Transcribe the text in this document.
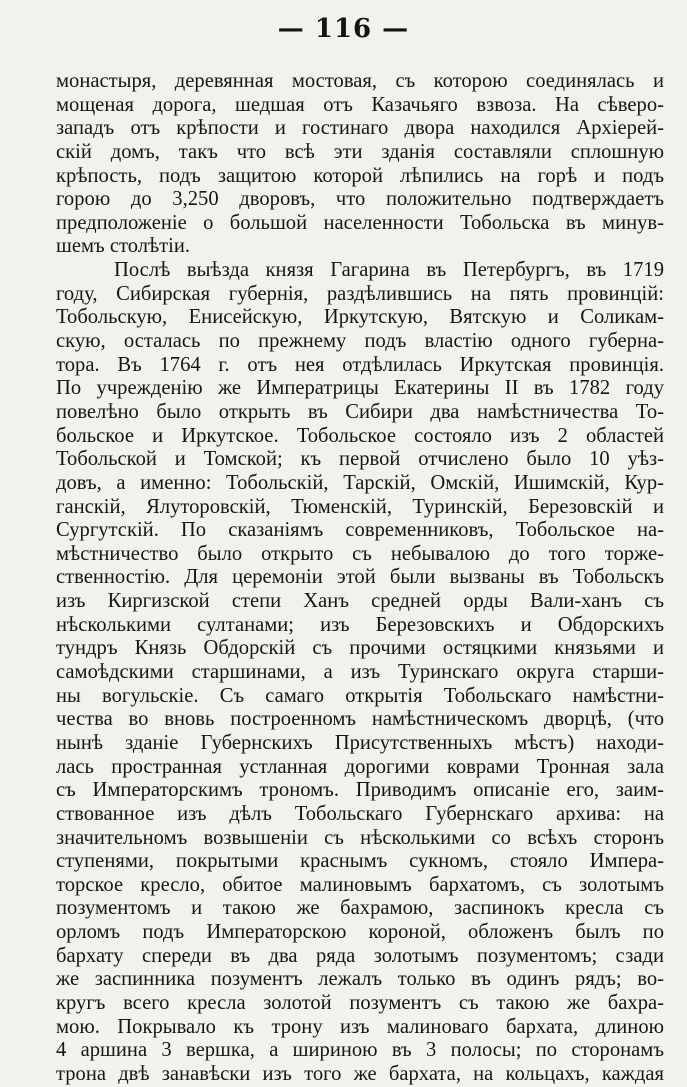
— 116 —
монастыря, деревянная мостовая, съ которою соединялась и
мощеная дорога, шедшая отъ Казачьяго взвоза. На сѣверо-
западъ отъ крѣпости и гостинаго двора находился Архiерей-
скiй домъ, такъ что всѣ эти зданiя составляли сплошную
крѣпость, подъ защитою которой лѣпились на горѣ и подъ
горою до 3,250 дворовъ, что положительно подтверждаетъ
предположенiе о большой населенности Тобольска въ минув-
шемъ столѣтiи.
Послѣ выѣзда князя Гагарина въ Петербургъ, въ 1719
году, Сибирская губернiя, раздѣлившись на пять провинцiй:
Тобольскую, Енисейскую, Иркутскую, Вятскую и Соликам-
скую, осталась по прежнему подъ властiю одного губерна-
тора. Въ 1764 г. отъ нея отдѣлилась Иркутская провинцiя.
По учрежденiю же Императрицы Екатерины II въ 1782 году
повелѣно было открыть въ Сибири два намѣстничества То-
больское и Иркутское. Тобольское состояло изъ 2 областей
Тобольской и Томской; къ первой отчислено было 10 уѣз-
довъ, а именно: Тобольскiй, Тарскiй, Омскiй, Ишимскiй, Кур-
ганскiй, Ялуторовскiй, Тюменскiй, Туринскiй, Березовскiй и
Сургутскiй. По сказанiямъ современниковъ, Тобольское на-
мѣстничество было открыто съ небывалою до того торже-
ственностiю. Для церемонiи этой были вызваны въ Тобольскъ
изъ Киргизской степи Ханъ средней орды Вали-ханъ съ
нѣсколькими султанами; изъ Березовскихъ и Обдорскихъ
тундръ Князь Обдорскiй съ прочими остяцкими князьями и
самоѣдскими старшинами, а изъ Туринскаго округа старши-
ны вогульскiе. Съ самаго открытiя Тобольскаго намѣстни-
чества во вновь построенномъ намѣстническомъ дворцѣ, (что
нынѣ зданiе Губернскихъ Присутственныхъ мѣстъ) находи-
лась пространная устланная дорогими коврами Тронная зала
съ Императорскимъ трономъ. Приводимъ описанiе его, заим-
ствованное изъ дѣлъ Тобольскаго Губернскаго архива: на
значительномъ возвышенiи съ нѣсколькими со всѣхъ сторонъ
ступенями, покрытыми краснымъ сукномъ, стояло Импера-
торское кресло, обитое малиновымъ бархатомъ, съ золотымъ
позументомъ и такою же бахрамою, заспинокъ кресла съ
орломъ подъ Императорскою короной, обложенъ былъ по
бархату спереди въ два ряда золотымъ позументомъ; сзади
же заспинника позументъ лежалъ только въ одинъ рядъ; во-
кругъ всего кресла золотой позументъ съ такою же бахра-
мою. Покрывало къ трону изъ малиноваго бархата, длиною
4 аршина 3 вершка, а шириною въ 3 полосы; по сторонамъ
трона двѣ занавѣски изъ того же бархата, на кольцахъ, каждая
